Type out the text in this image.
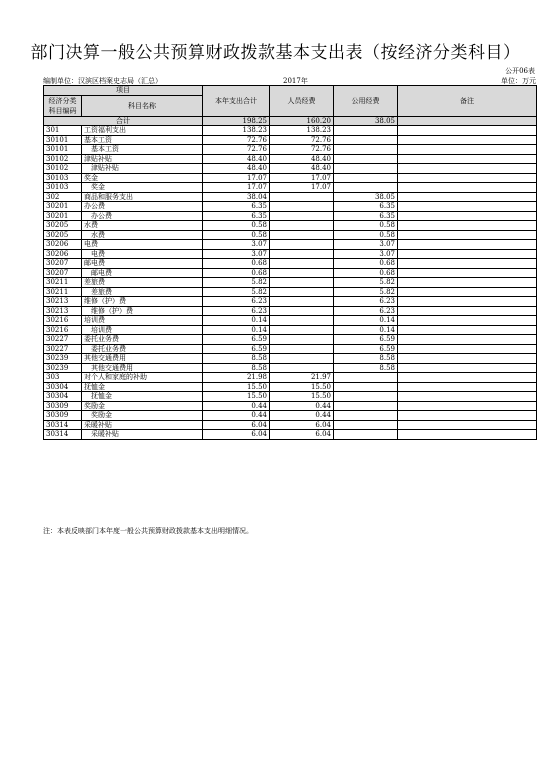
部门决算一般公共预算财政拨款基本支出表（按经济分类科目）
公开06表
编制单位：汉滨区档案史志局（汇总）	2017年	单位：万元
项目		本年支出合计	人员经费	公用经费	备注
经济分类科目编码	科目名称				

合计		198.25	160.20	38.05	
301	工资福利支出	138.23	138.23		
30101	基本工资	72.76	72.76		
30101	基本工资	72.76	72.76		
30102	津贴补贴	48.40	48.40		
30102	津贴补贴	48.40	48.40		
30103	奖金	17.07	17.07		
30103	奖金	17.07	17.07		
302	商品和服务支出	38.04		38.05	
30201	办公费	6.35		6.35	
30201	办公费	6.35		6.35	
30205	水费	0.58		0.58	
30205	水费	0.58		0.58	
30206	电费	3.07		3.07	
30206	电费	3.07		3.07	
30207	邮电费	0.68		0.68	
30207	邮电费	0.68		0.68	
30211	差旅费	5.82		5.82	
30211	差旅费	5.82		5.82	
30213	维修（护）费	6.23		6.23	
30213	维修（护）费	6.23		6.23	
30216	培训费	0.14		0.14	
30216	培训费	0.14		0.14	
30227	委托业务费	6.59		6.59	
30227	委托业务费	6.59		6.59	
30239	其他交通费用	8.58		8.58	
30239	其他交通费用	8.58		8.58	
303	对个人和家庭的补助	21.98	21.97		
30304	抚恤金	15.50	15.50		
30304	抚恤金	15.50	15.50		
30309	奖励金	0.44	0.44		
30309	奖励金	0.44	0.44		
30314	采暖补贴	6.04	6.04		
30314	采暖补贴	6.04	6.04		
注：本表反映部门本年度一般公共预算财政拨款基本支出明细情况。
